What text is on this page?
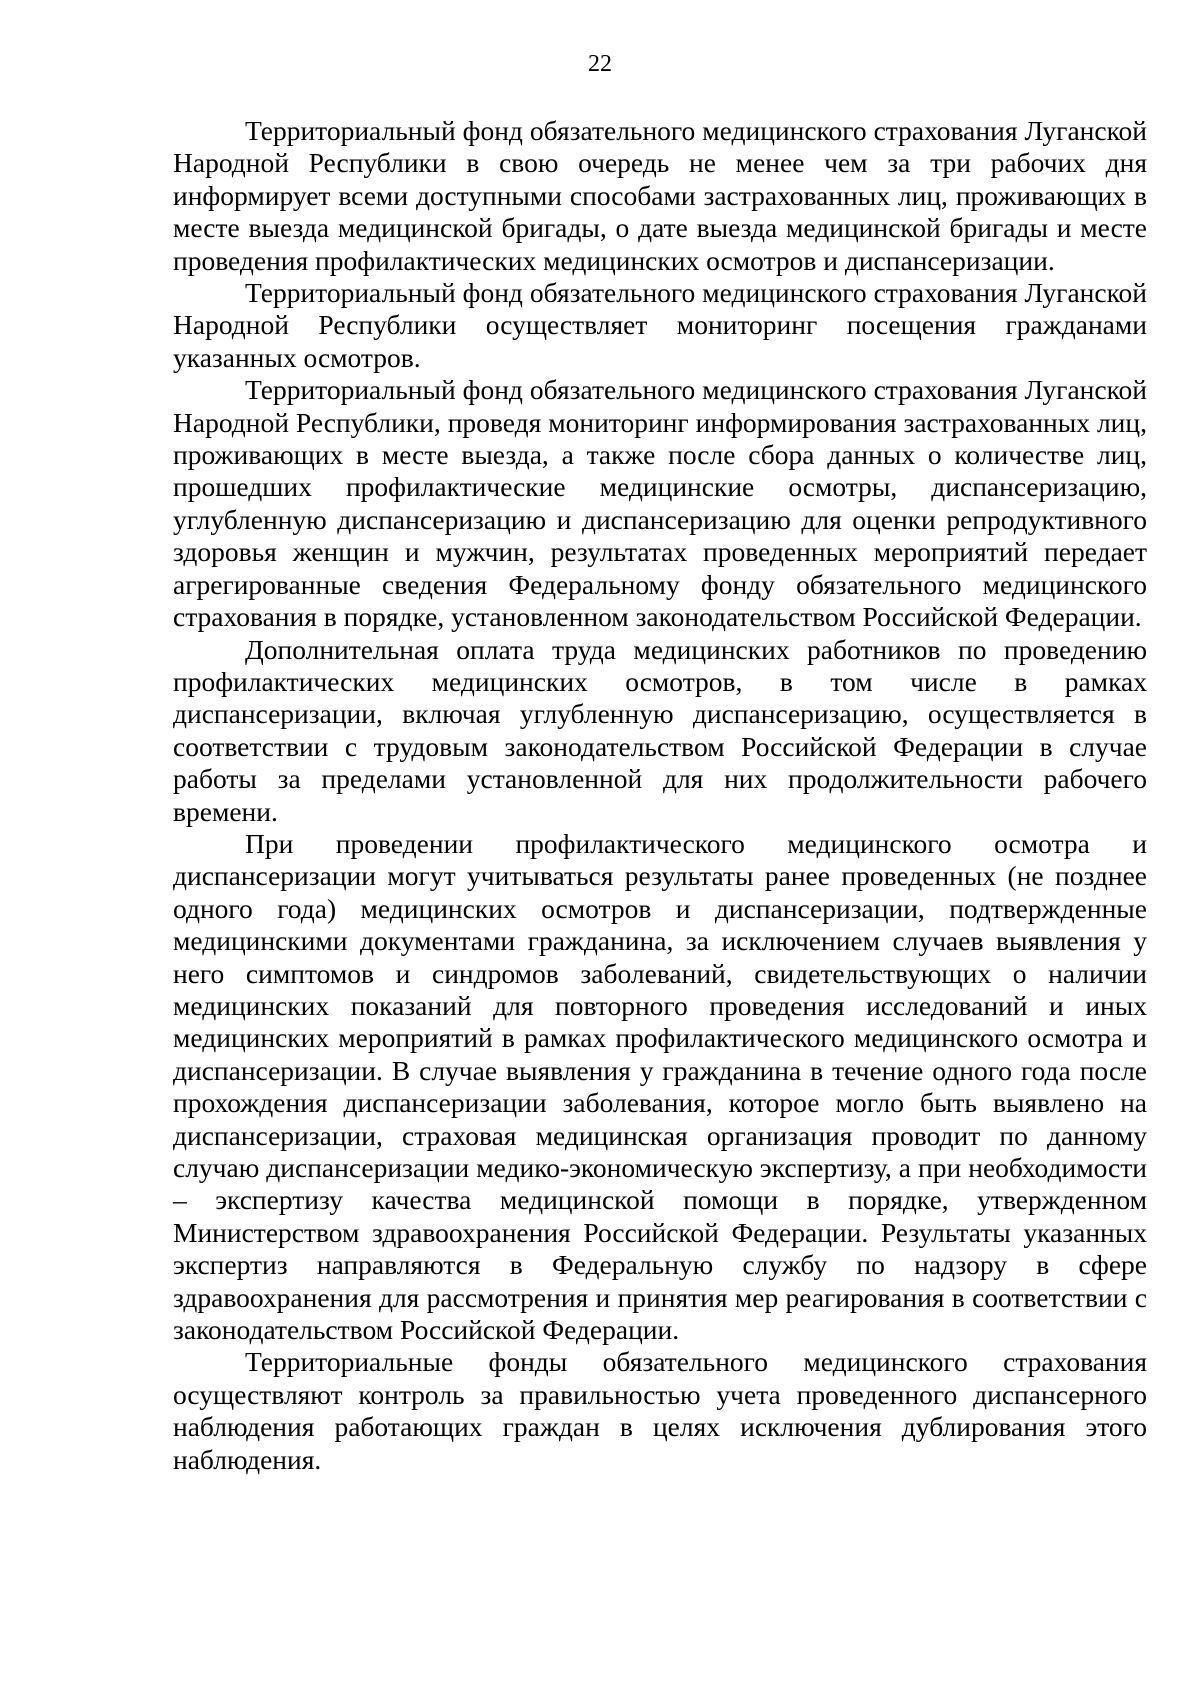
22

Территориальный фонд обязательного медицинского страхования Луганской Народной Республики в свою очередь не менее чем за три рабочих дня информирует всеми доступными способами застрахованных лиц, проживающих в месте выезда медицинской бригады, о дате выезда медицинской бригады и месте проведения профилактических медицинских осмотров и диспансеризации.

Территориальный фонд обязательного медицинского страхования Луганской Народной Республики осуществляет мониторинг посещения гражданами указанных осмотров.

Территориальный фонд обязательного медицинского страхования Луганской Народной Республики, проведя мониторинг информирования застрахованных лиц, проживающих в месте выезда, а также после сбора данных о количестве лиц, прошедших профилактические медицинские осмотры, диспансеризацию, углубленную диспансеризацию и диспансеризацию для оценки репродуктивного здоровья женщин и мужчин, результатах проведенных мероприятий передает агрегированные сведения Федеральному фонду обязательного медицинского страхования в порядке, установленном законодательством Российской Федерации.

Дополнительная оплата труда медицинских работников по проведению профилактических медицинских осмотров, в том числе в рамках диспансеризации, включая углубленную диспансеризацию, осуществляется в соответствии с трудовым законодательством Российской Федерации в случае работы за пределами установленной для них продолжительности рабочего времени.

При проведении профилактического медицинского осмотра и диспансеризации могут учитываться результаты ранее проведенных (не позднее одного года) медицинских осмотров и диспансеризации, подтвержденные медицинскими документами гражданина, за исключением случаев выявления у него симптомов и синдромов заболеваний, свидетельствующих о наличии медицинских показаний для повторного проведения исследований и иных медицинских мероприятий в рамках профилактического медицинского осмотра и диспансеризации. В случае выявления у гражданина в течение одного года после прохождения диспансеризации заболевания, которое могло быть выявлено на диспансеризации, страховая медицинская организация проводит по данному случаю диспансеризации медико-экономическую экспертизу, а при необходимости – экспертизу качества медицинской помощи в порядке, утвержденном Министерством здравоохранения Российской Федерации. Результаты указанных экспертиз направляются в Федеральную службу по надзору в сфере здравоохранения для рассмотрения и принятия мер реагирования в соответствии с законодательством Российской Федерации.

Территориальные фонды обязательного медицинского страхования осуществляют контроль за правильностью учета проведенного диспансерного наблюдения работающих граждан в целях исключения дублирования этого наблюдения.
